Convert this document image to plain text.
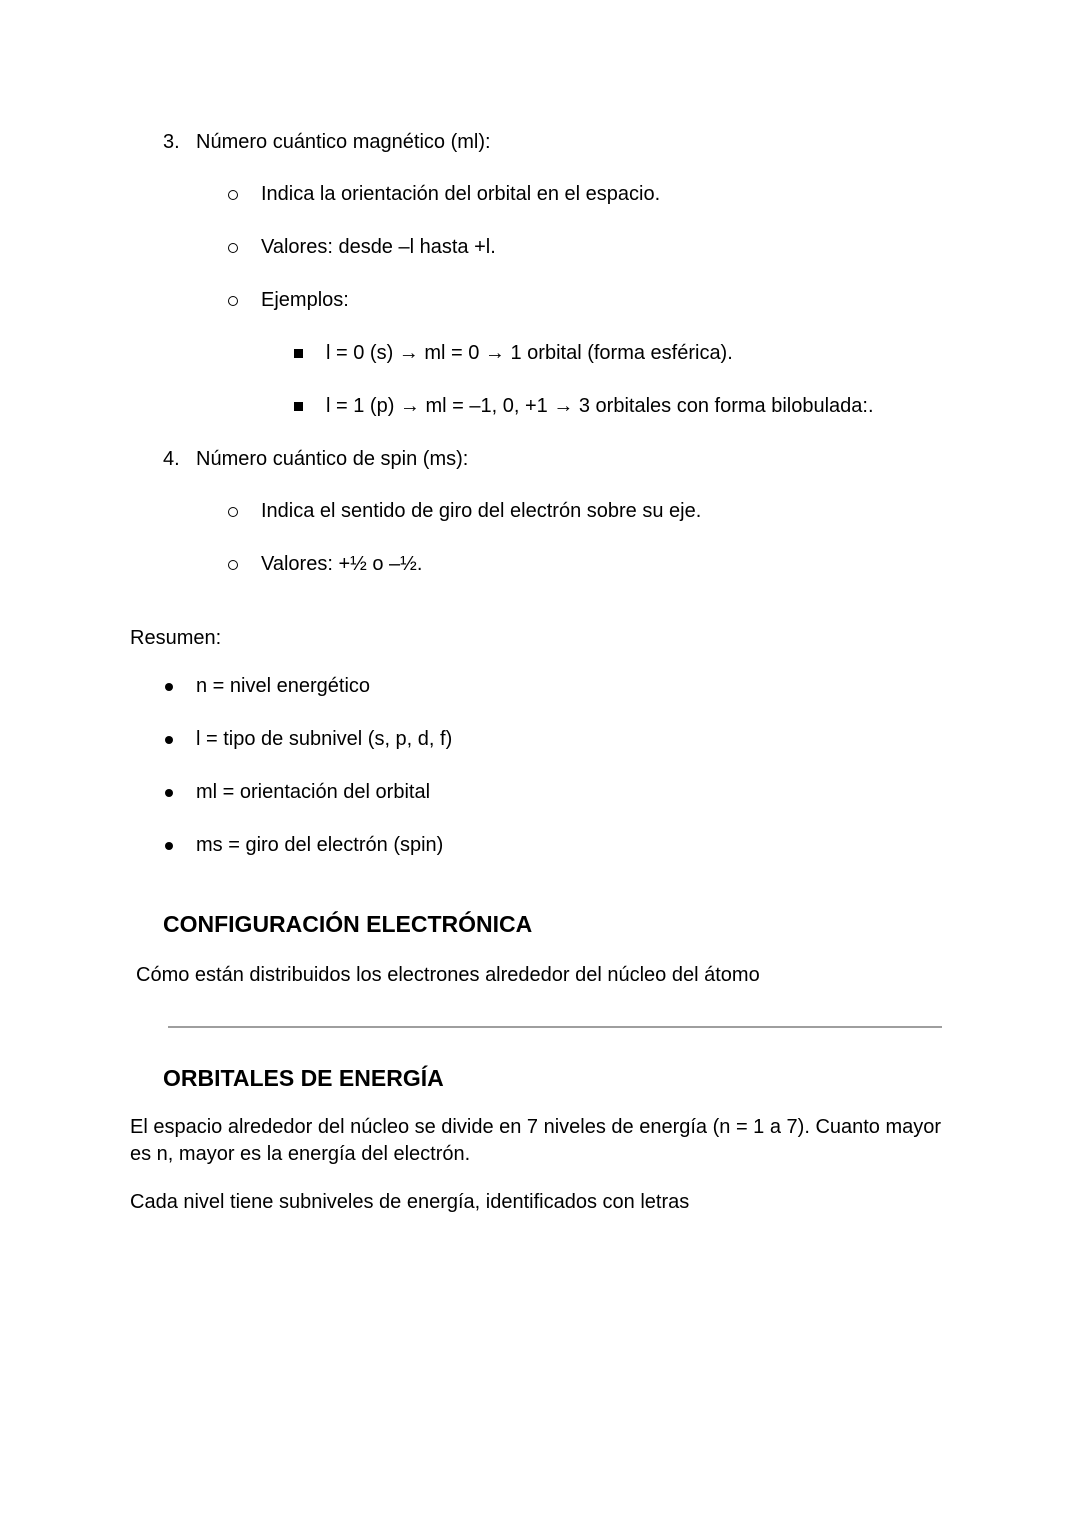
3. Número cuántico magnético (ml):
Indica la orientación del orbital en el espacio.
Valores: desde –l hasta +l.
Ejemplos:
l = 0 (s) → ml = 0 → 1 orbital (forma esférica).
l = 1 (p) → ml = –1, 0, +1 → 3 orbitales con forma bilobulada:.
4. Número cuántico de spin (ms):
Indica el sentido de giro del electrón sobre su eje.
Valores: +½ o –½.
Resumen:
n = nivel energético
l = tipo de subnivel (s, p, d, f)
ml = orientación del orbital
ms = giro del electrón (spin)
CONFIGURACIÓN ELECTRÓNICA
Cómo están distribuidos los electrones alrededor del núcleo del átomo
ORBITALES DE ENERGÍA
El espacio alrededor del núcleo se divide en 7 niveles de energía (n = 1 a 7). Cuanto mayor es n, mayor es la energía del electrón.
Cada nivel tiene subniveles de energía, identificados con letras
